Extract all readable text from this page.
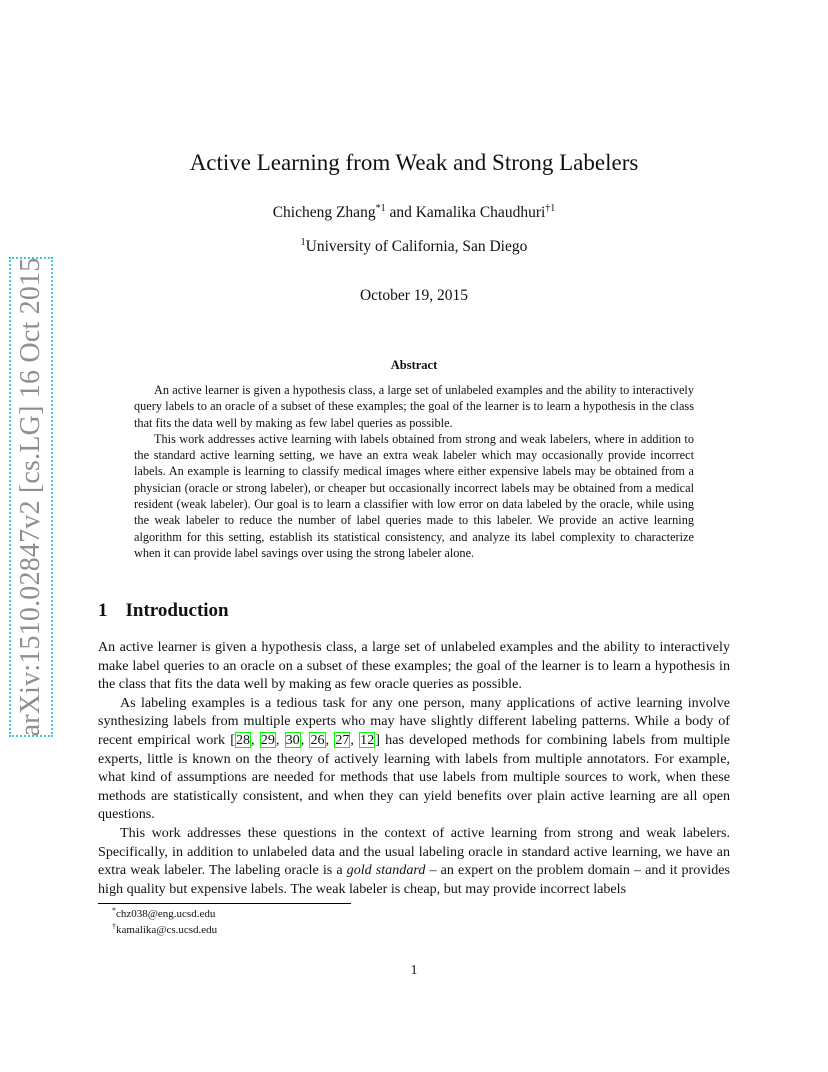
arXiv:1510.02847v2 [cs.LG] 16 Oct 2015
Active Learning from Weak and Strong Labelers
Chicheng Zhang$^{*1}$ and Kamalika Chaudhuri$^{\dagger 1}$
$^1$University of California, San Diego
October 19, 2015
Abstract

An active learner is given a hypothesis class, a large set of unlabeled examples and the ability to interactively query labels to an oracle of a subset of these examples; the goal of the learner is to learn a hypothesis in the class that fits the data well by making as few label queries as possible.

This work addresses active learning with labels obtained from strong and weak labelers, where in addition to the standard active learning setting, we have an extra weak labeler which may occasionally provide incorrect labels. An example is learning to classify medical images where either expensive labels may be obtained from a physician (oracle or strong labeler), or cheaper but occasionally incorrect labels may be obtained from a medical resident (weak labeler). Our goal is to learn a classifier with low error on data labeled by the oracle, while using the weak labeler to reduce the number of label queries made to this labeler. We provide an active learning algorithm for this setting, establish its statistical consistency, and analyze its label complexity to characterize when it can provide label savings over using the strong labeler alone.

1 Introduction

An active learner is given a hypothesis class, a large set of unlabeled examples and the ability to interactively make label queries to an oracle on a subset of these examples; the goal of the learner is to learn a hypothesis in the class that fits the data well by making as few oracle queries as possible.

As labeling examples is a tedious task for any one person, many applications of active learning involve synthesizing labels from multiple experts who may have slightly different labeling patterns. While a body of recent empirical work [28, 29, 30, 26, 27, 12] has developed methods for combining labels from multiple experts, little is known on the theory of actively learning with labels from multiple annotators. For example, what kind of assumptions are needed for methods that use labels from multiple sources to work, when these methods are statistically consistent, and when they can yield benefits over plain active learning are all open questions.

This work addresses these questions in the context of active learning from strong and weak labelers. Specifically, in addition to unlabeled data and the usual labeling oracle in standard active learning, we have an extra weak labeler. The labeling oracle is a gold standard – an expert on the problem domain – and it provides high quality but expensive labels. The weak labeler is cheap, but may provide incorrect labels

*chz038@eng.ucsd.edu
†kamalika@cs.ucsd.edu
1
